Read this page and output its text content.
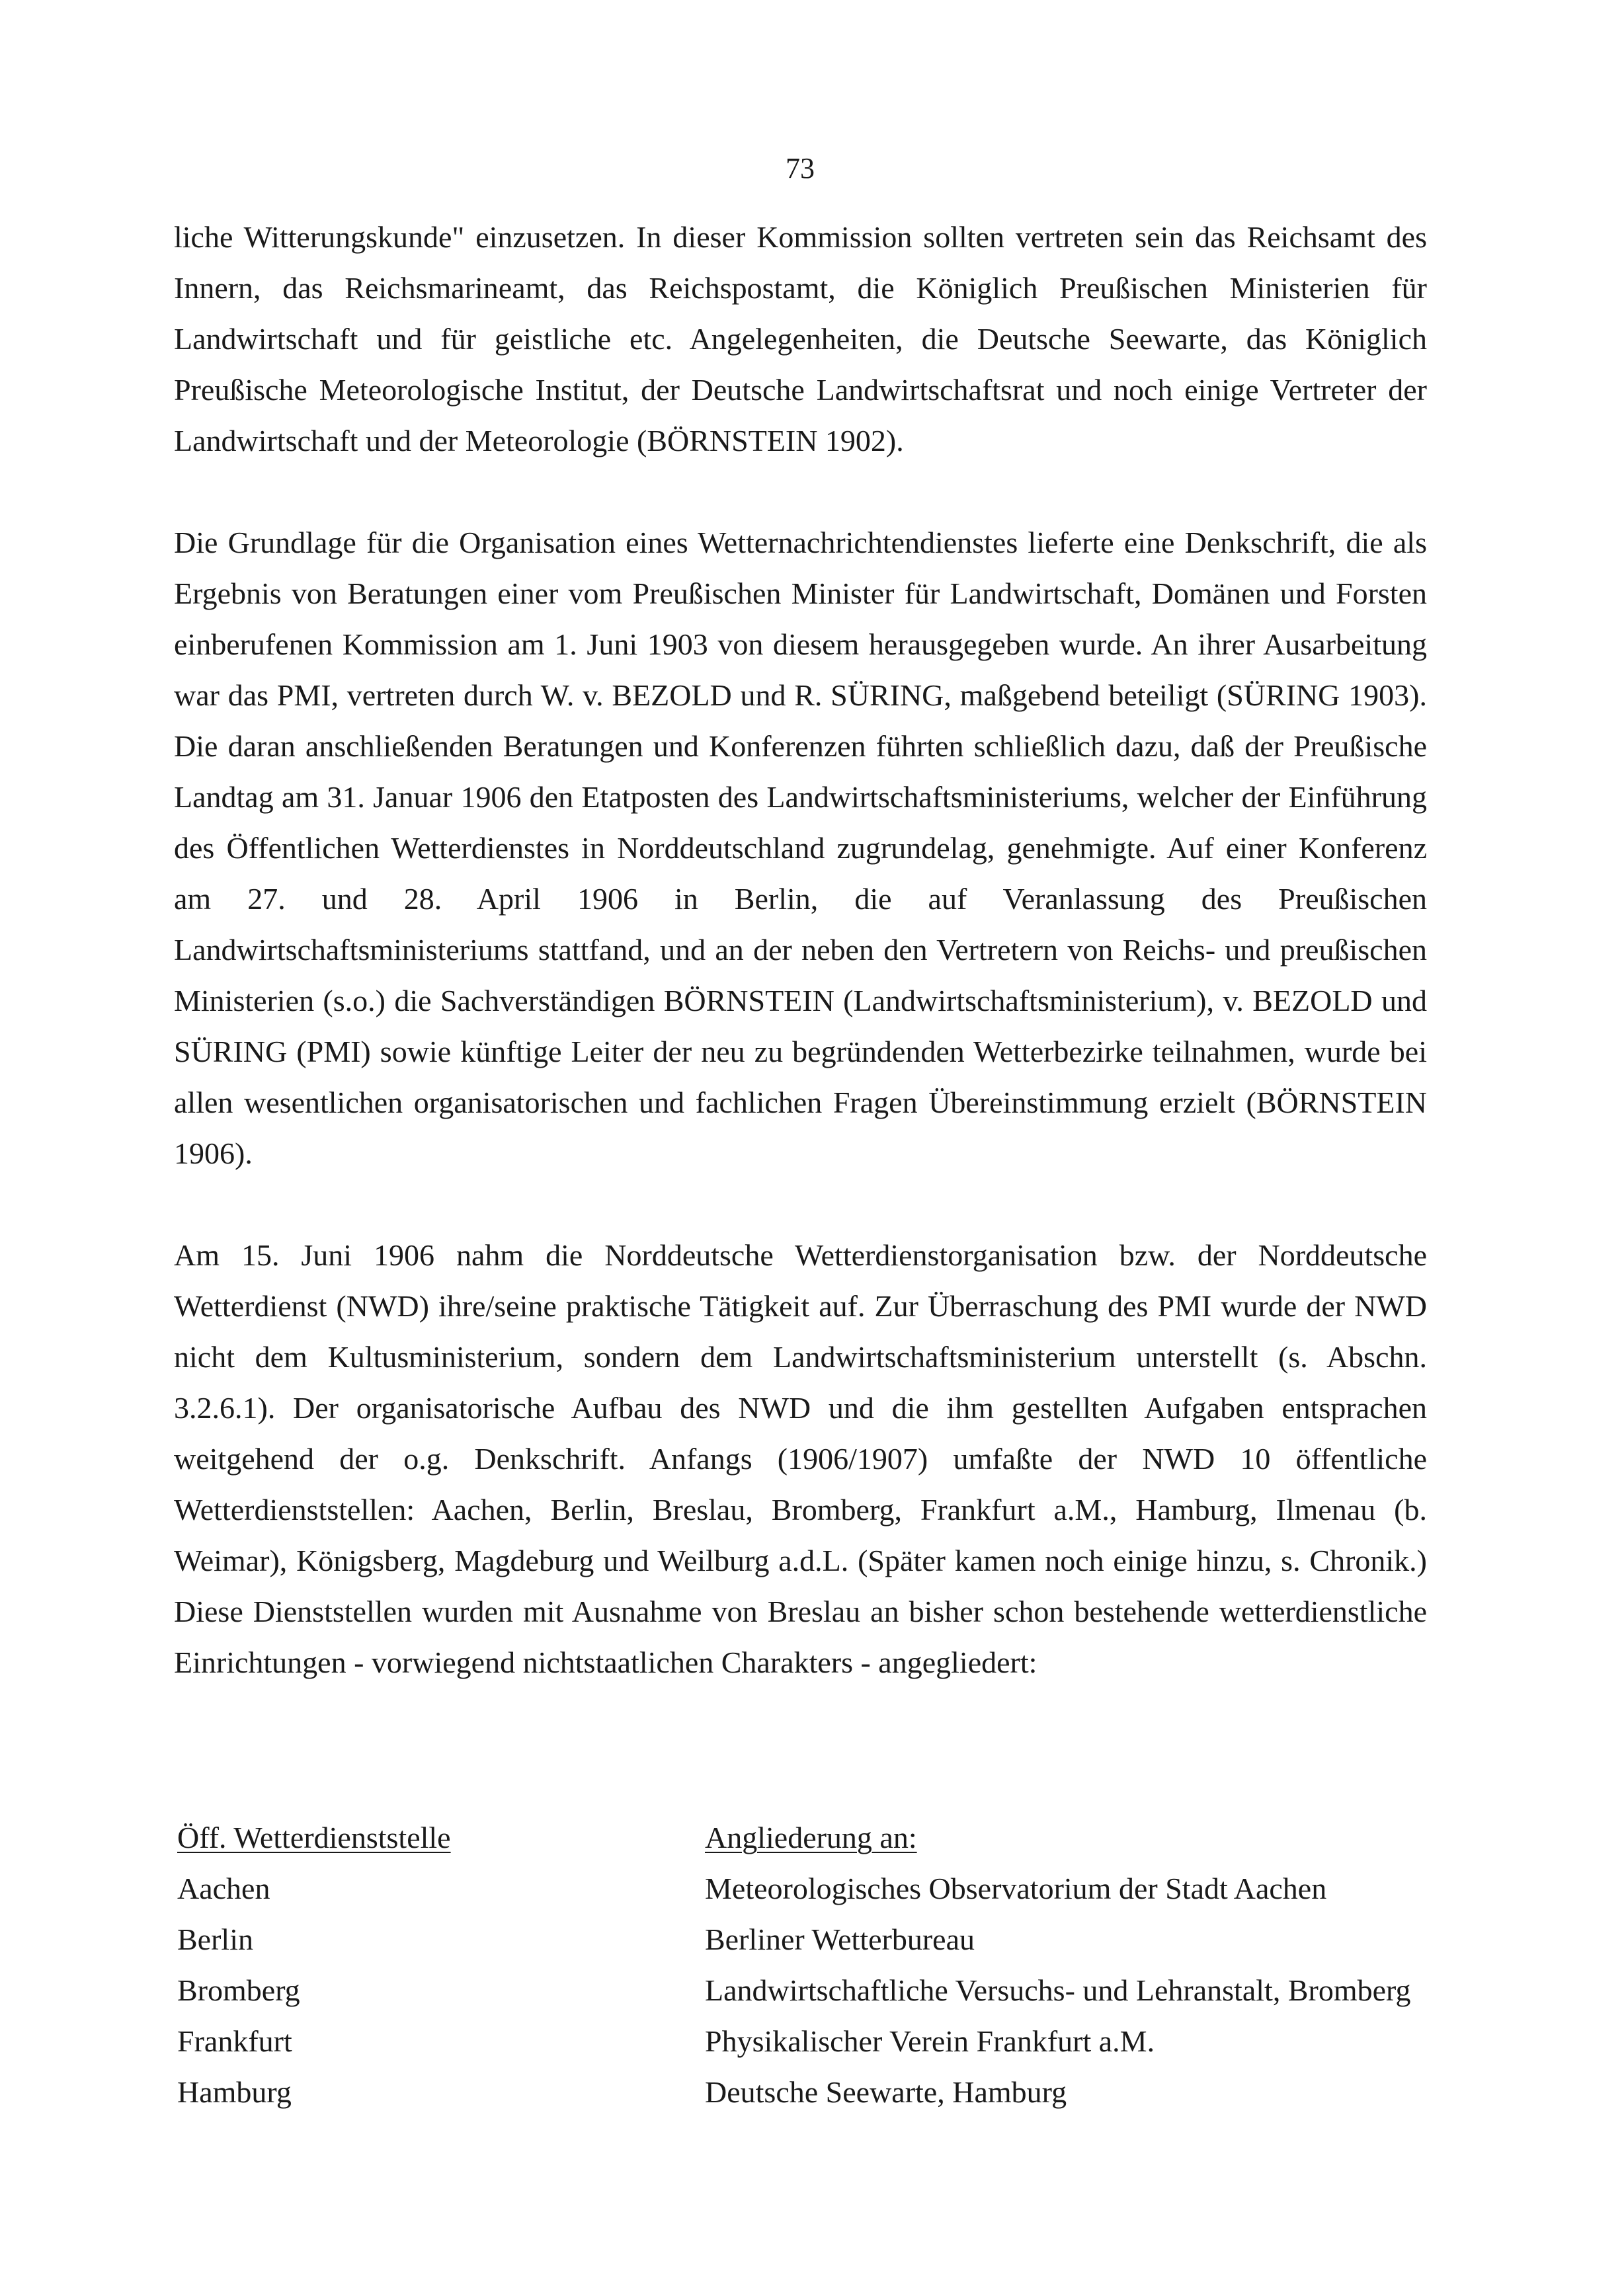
73

liche Witterungskunde" einzusetzen. In dieser Kommission sollten vertreten sein das Reichsamt des Innern, das Reichsmarineamt, das Reichspostamt, die Königlich Preußischen Ministerien für Landwirtschaft und für geistliche etc. Angelegenheiten, die Deutsche Seewarte, das Königlich Preußische Meteorologische Institut, der Deutsche Landwirtschaftsrat und noch einige Vertreter der Landwirtschaft und der Meteorologie (BÖRNSTEIN 1902).

Die Grundlage für die Organisation eines Wetternachrichtendienstes lieferte eine Denkschrift, die als Ergebnis von Beratungen einer vom Preußischen Minister für Landwirtschaft, Domänen und Forsten einberufenen Kommission am 1. Juni 1903 von diesem herausgegeben wurde. An ihrer Ausarbeitung war das PMI, vertreten durch W. v. BEZOLD und R. SÜRING, maßgebend beteiligt (SÜRING 1903). Die daran anschließenden Beratungen und Konferenzen führten schließlich dazu, daß der Preußische Landtag am 31. Januar 1906 den Etatposten des Landwirtschaftsministeriums, welcher der Einführung des Öffentlichen Wetterdienstes in Norddeutschland zugrundelag, genehmigte. Auf einer Konferenz am 27. und 28. April 1906 in Berlin, die auf Veranlassung des Preußischen Landwirtschaftsministeriums stattfand, und an der neben den Vertretern von Reichs- und preußischen Ministerien (s.o.) die Sachverständigen BÖRNSTEIN (Landwirtschaftsministerium), v. BEZOLD und SÜRING (PMI) sowie künftige Leiter der neu zu begründenden Wetterbezirke teilnahmen, wurde bei allen wesentlichen organisatorischen und fachlichen Fragen Übereinstimmung erzielt (BÖRNSTEIN 1906).

Am 15. Juni 1906 nahm die Norddeutsche Wetterdienstorganisation bzw. der Norddeutsche Wetterdienst (NWD) ihre/seine praktische Tätigkeit auf. Zur Überraschung des PMI wurde der NWD nicht dem Kultusministerium, sondern dem Landwirtschaftsministerium unterstellt (s. Abschn. 3.2.6.1). Der organisatorische Aufbau des NWD und die ihm gestellten Aufgaben entsprachen weitgehend der o.g. Denkschrift. Anfangs (1906/1907) umfaßte der NWD 10 öffentliche Wetterdienststellen: Aachen, Berlin, Breslau, Bromberg, Frankfurt a.M., Hamburg, Ilmenau (b. Weimar), Königsberg, Magdeburg und Weilburg a.d.L. (Später kamen noch einige hinzu, s. Chronik.) Diese Dienststellen wurden mit Ausnahme von Breslau an bisher schon bestehende wetterdienstliche Einrichtungen - vorwiegend nichtstaatlichen Charakters - angegliedert:

Öff. Wetterdienststelle	Angliederung an:
Aachen	Meteorologisches Observatorium der Stadt Aachen
Berlin	Berliner Wetterbureau
Bromberg	Landwirtschaftliche Versuchs- und Lehranstalt, Bromberg
Frankfurt	Physikalischer Verein Frankfurt a.M.
Hamburg	Deutsche Seewarte, Hamburg
